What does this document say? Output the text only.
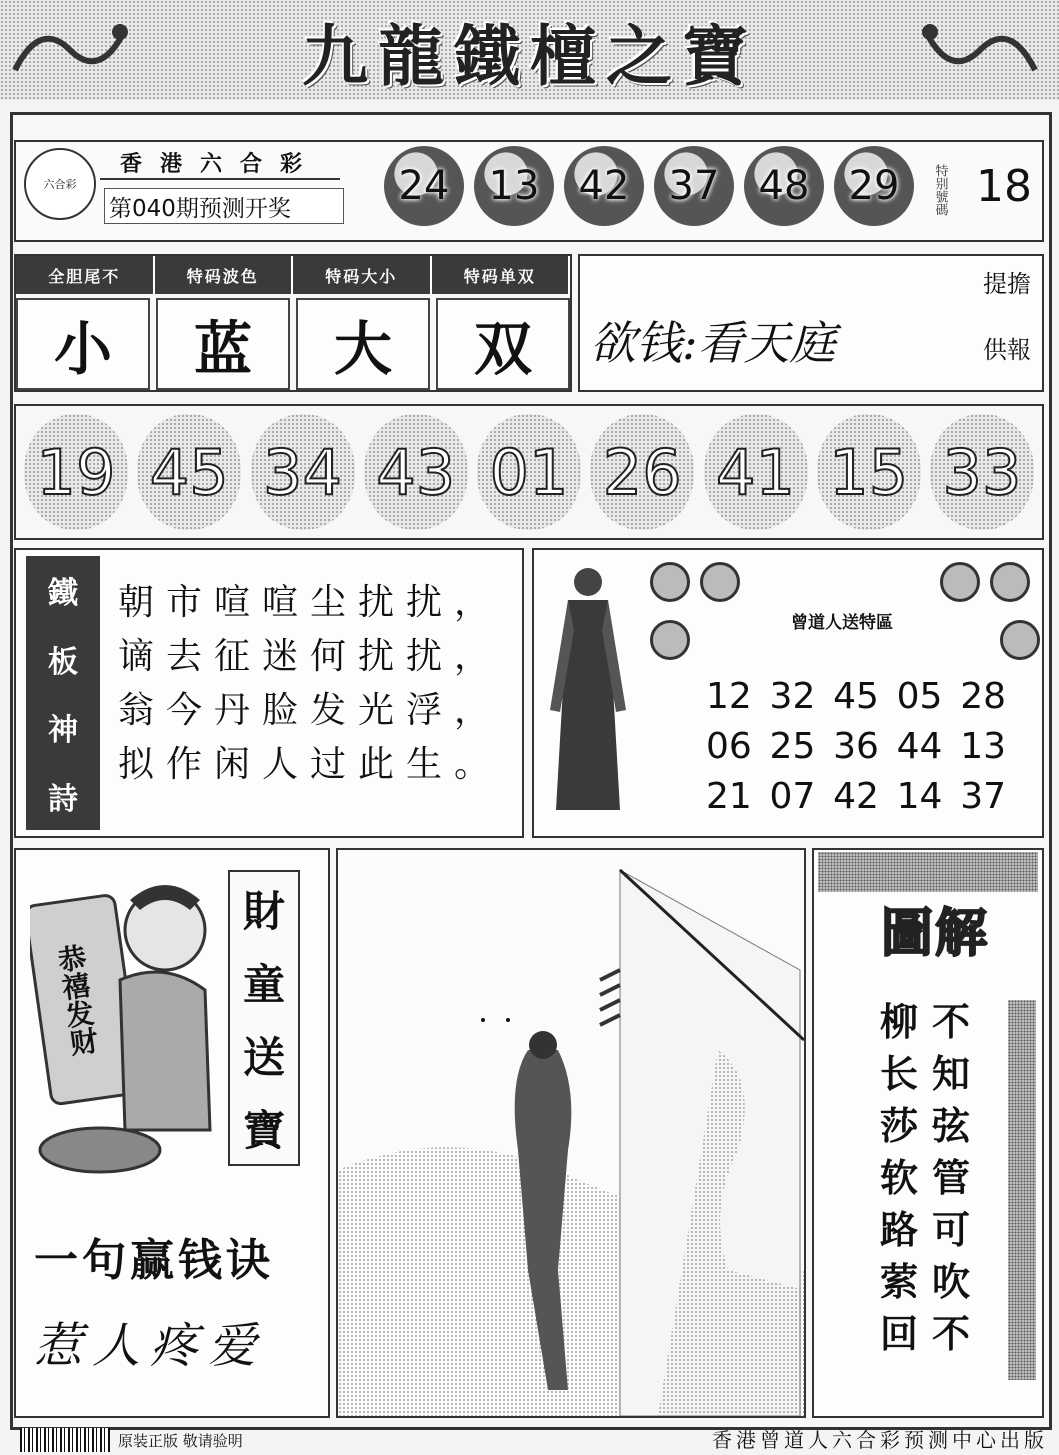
九龍鐵檀之寶
六合彩
香港六合彩
第040期预测开奖	24 13 42 37 48 29	特别號碼 18
全胆尾不	特码波色	特码大小	特码单双
小	蓝	大	双	欲钱:看天庭
提擔
供報
19 45 34 43 01 26 41 15 33
鐵
板
神
詩
朝市喧喧尘扰扰，
谪去征迷何扰扰，
翁今丹脸发光浮，
拟作闲人过此生。
曾道人送特區
12 32 45 05 28
06 25 36 44 13
21 07 42 14 37
恭禧发财
財
童
送
寶
一句赢钱诀
惹人疼爱
圖解
不
知
弦
管
可
吹
不
柳
长
莎
软
路
萦
回
原装正版 敬请验明	香港曾道人六合彩预测中心出版
